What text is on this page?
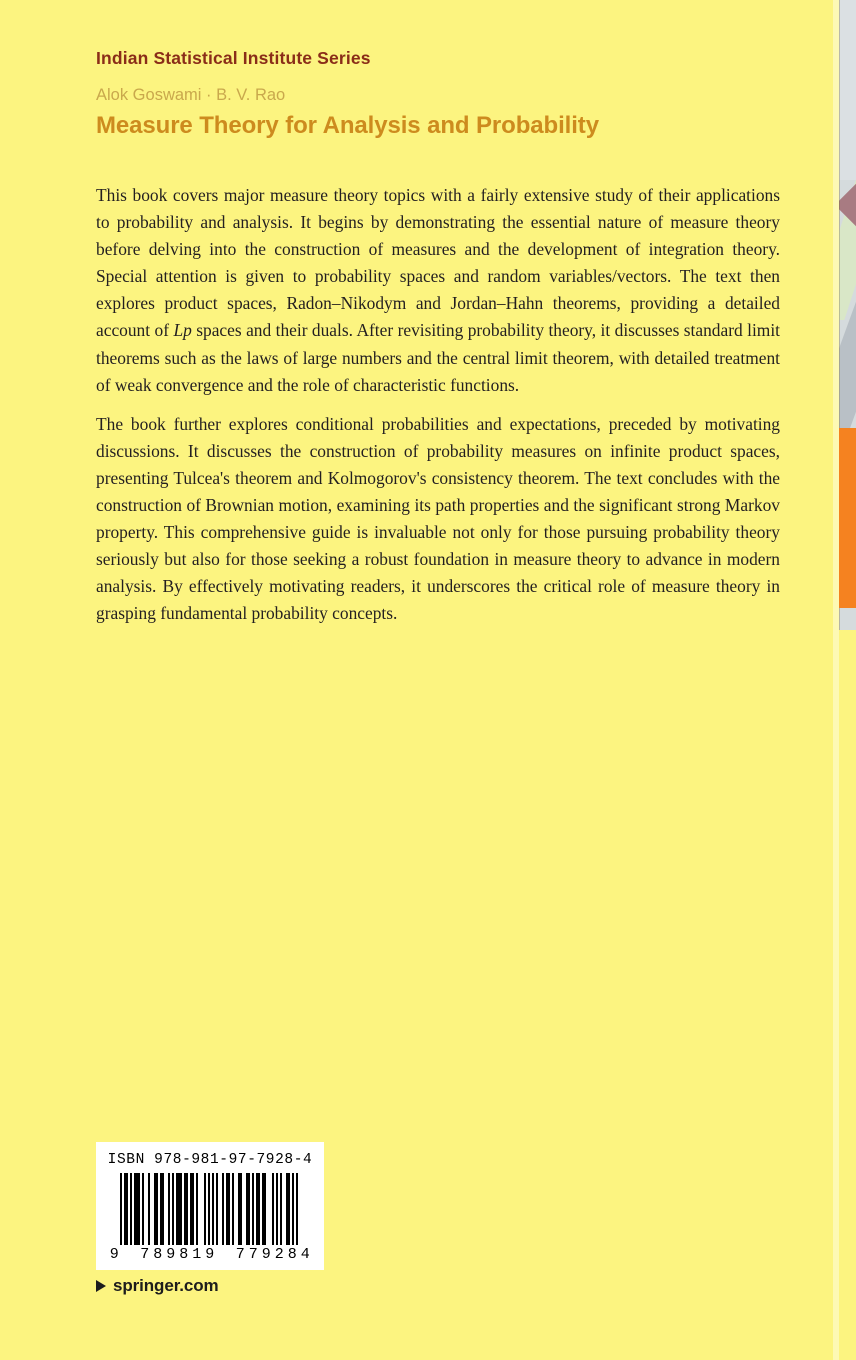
Indian Statistical Institute Series
Alok Goswami · B. V. Rao
Measure Theory for Analysis and Probability

This book covers major measure theory topics with a fairly extensive study of their applications to probability and analysis. It begins by demonstrating the essential nature of measure theory before delving into the construction of measures and the development of integration theory. Special attention is given to probability spaces and random variables/vectors. The text then explores product spaces, Radon–Nikodym and Jordan–Hahn theorems, providing a detailed account of Lp spaces and their duals. After revisiting probability theory, it discusses standard limit theorems such as the laws of large numbers and the central limit theorem, with detailed treatment of weak convergence and the role of characteristic functions.

The book further explores conditional probabilities and expectations, preceded by motivating discussions. It discusses the construction of probability measures on infinite product spaces, presenting Tulcea's theorem and Kolmogorov's consistency theorem. The text concludes with the construction of Brownian motion, examining its path properties and the significant strong Markov property. This comprehensive guide is invaluable not only for those pursuing probability theory seriously but also for those seeking a robust foundation in measure theory to advance in modern analysis. By effectively motivating readers, it underscores the critical role of measure theory in grasping fundamental probability concepts.

ISBN 978-981-97-7928-4
9 7 8 9 8 1 9 7 7 9 2 8 4
springer.com
